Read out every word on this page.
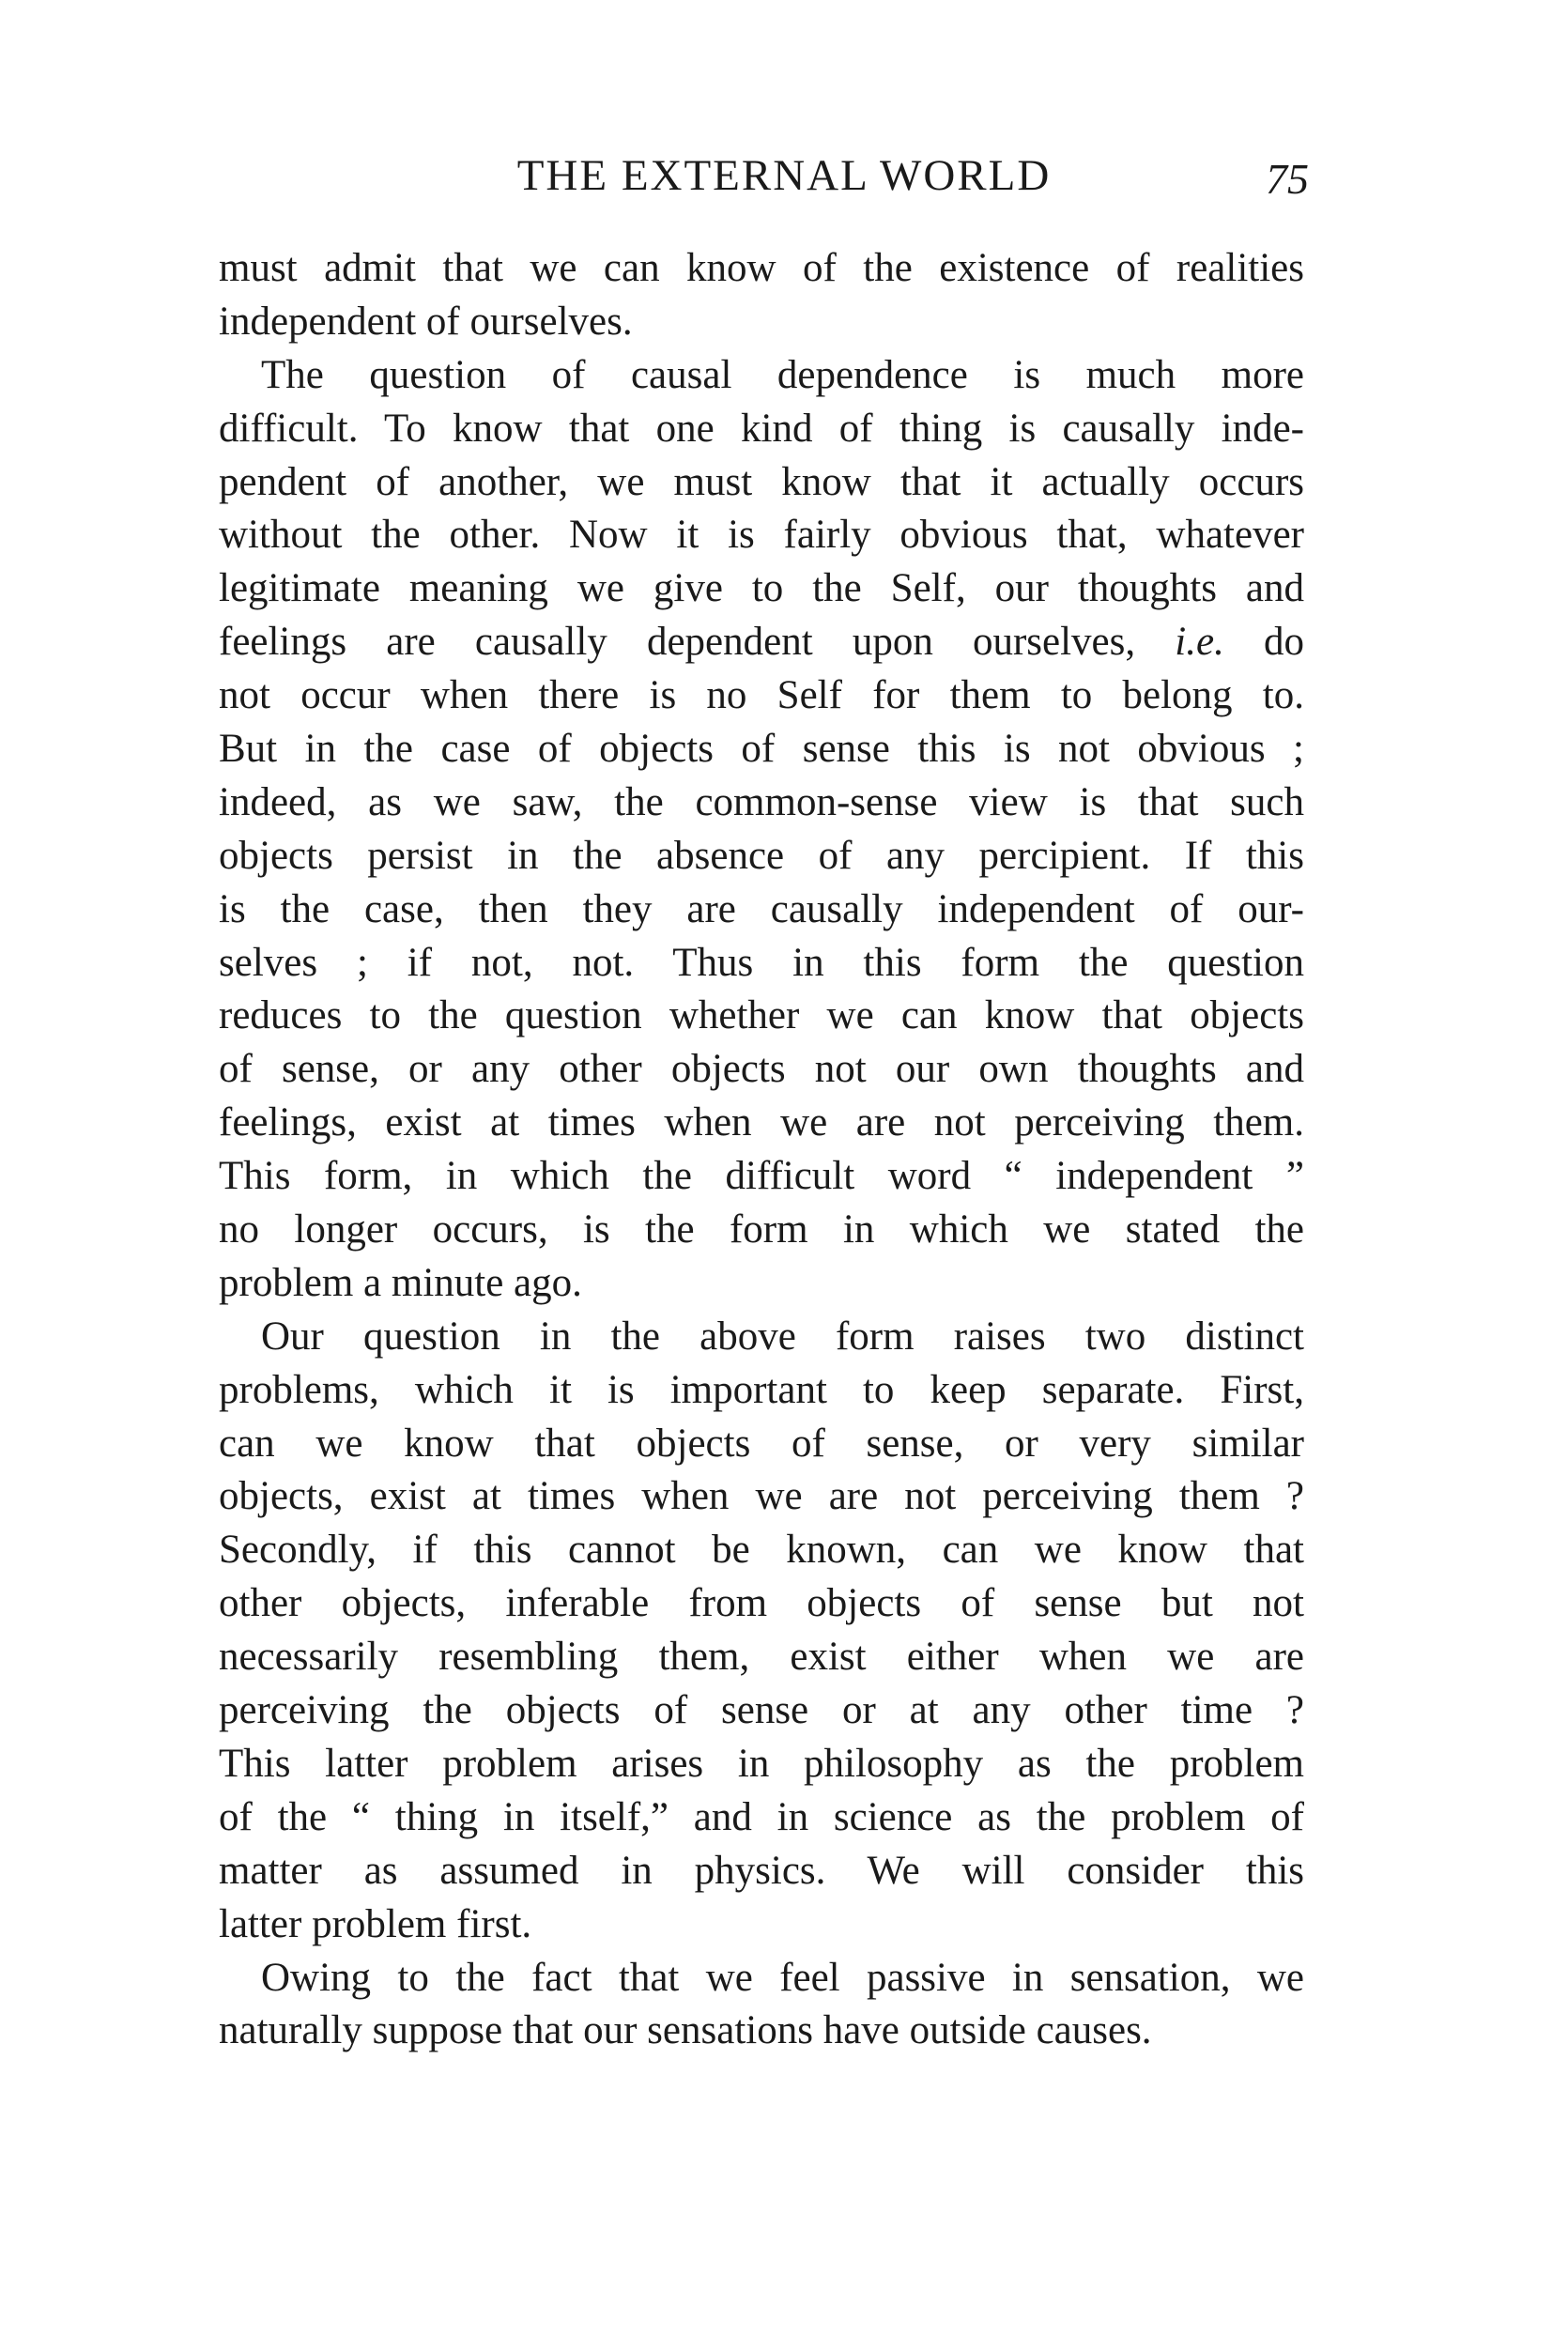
THE EXTERNAL WORLD	75
must admit that we can know of the existence of realities
independent of ourselves.
The question of causal dependence is much more
difficult. To know that one kind of thing is causally inde-
pendent of another, we must know that it actually occurs
without the other. Now it is fairly obvious that, whatever
legitimate meaning we give to the Self, our thoughts and
feelings are causally dependent upon ourselves, i.e. do
not occur when there is no Self for them to belong to.
But in the case of objects of sense this is not obvious ;
indeed, as we saw, the common-sense view is that such
objects persist in the absence of any percipient. If this
is the case, then they are causally independent of our-
selves ; if not, not. Thus in this form the question
reduces to the question whether we can know that objects
of sense, or any other objects not our own thoughts and
feelings, exist at times when we are not perceiving them.
This form, in which the difficult word “ independent ”
no longer occurs, is the form in which we stated the
problem a minute ago.
Our question in the above form raises two distinct
problems, which it is important to keep separate. First,
can we know that objects of sense, or very similar
objects, exist at times when we are not perceiving them ?
Secondly, if this cannot be known, can we know that
other objects, inferable from objects of sense but not
necessarily resembling them, exist either when we are
perceiving the objects of sense or at any other time ?
This latter problem arises in philosophy as the problem
of the “ thing in itself,” and in science as the problem of
matter as assumed in physics. We will consider this
latter problem first.
Owing to the fact that we feel passive in sensation, we
naturally suppose that our sensations have outside causes.
